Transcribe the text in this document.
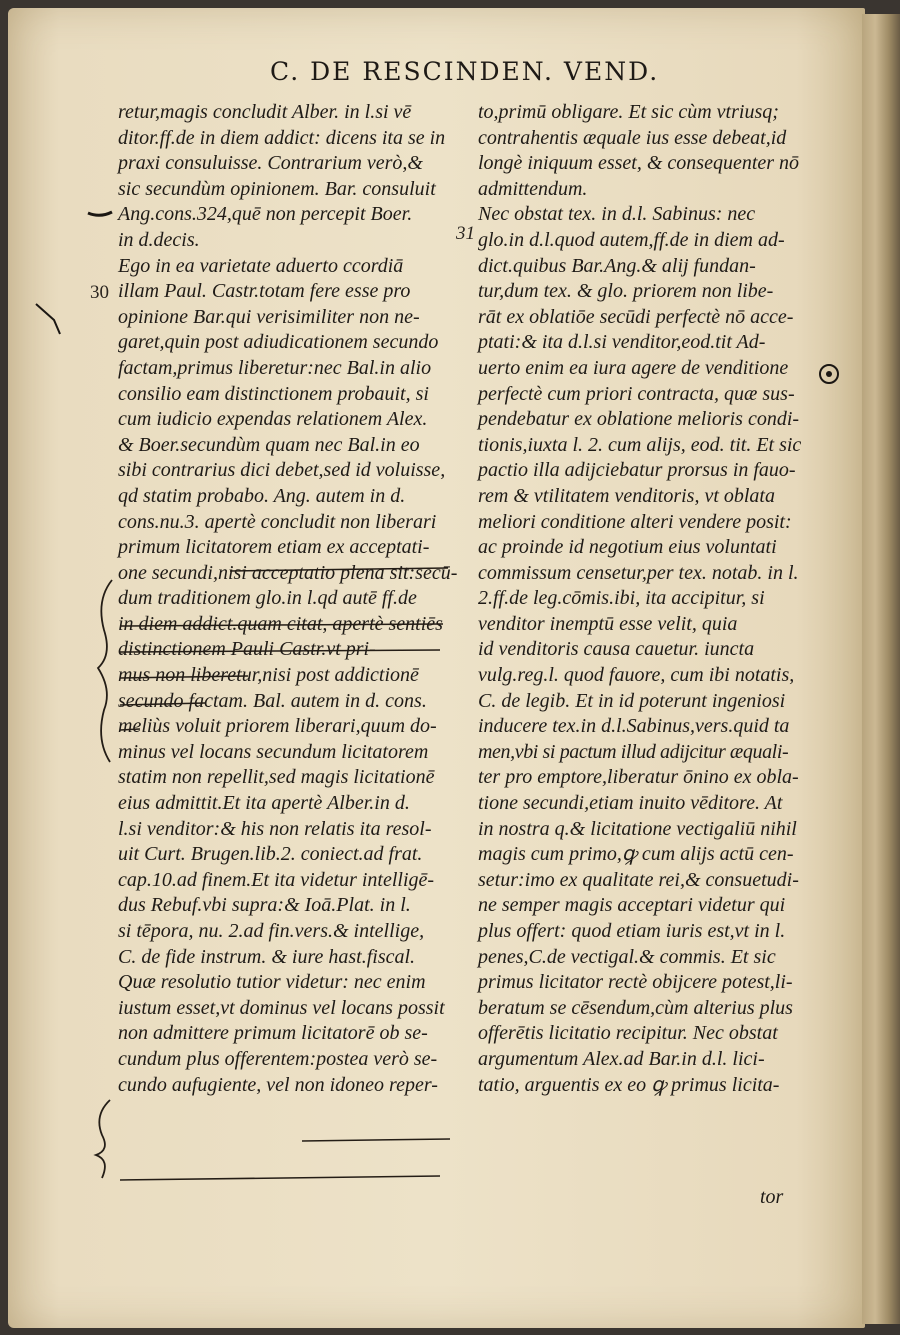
C. DE RESCINDEN. VEND.
30
31
retur,magis concludit Alber. in l.si vē
ditor.ff.de in diem addict: dicens ita se in
praxi consuluisse. Contrarium verò,&
sic secundùm opinionem. Bar. consuluit
Ang.cons.324,quē non percepit Boer.
in d.decis.
Ego in ea varietate aduerto ccordiā
illam Paul. Castr.totam fere esse pro
opinione Bar.qui verisimiliter non ne-
garet,quin post adiudicationem secundo
factam,primus liberetur:nec Bal.in alio
consilio eam distinctionem probauit, si
cum iudicio expendas relationem Alex.
& Boer.secundùm quam nec Bal.in eo
sibi contrarius dici debet,sed id voluisse,
qd statim probabo. Ang. autem in d.
cons.nu.3. apertè concludit non liberari
primum licitatorem etiam ex acceptati-
one secundi,nisi acceptatio plena sit:secū-
dum traditionem glo.in l.qd autē ff.de
in diem addict.quam citat, apertè sentiēs
distinctionem Pauli Castr.vt pri-
mus non liberetur,nisi post addictionē
secundo factam. Bal. autem in d. cons.
meliùs voluit priorem liberari,quum do-
minus vel locans secundum licitatorem
statim non repellit,sed magis licitationē
eius admittit.Et ita apertè Alber.in d.
l.si venditor:& his non relatis ita resol-
uit Curt. Brugen.lib.2. coniect.ad frat.
cap.10.ad finem.Et ita videtur intelligē-
dus Rebuf.vbi supra:& Ioā.Plat. in l.
si tēpora, nu. 2.ad fin.vers.& intellige,
C. de fide instrum. & iure hast.fiscal.
Quæ resolutio tutior videtur: nec enim
iustum esset,vt dominus vel locans possit
non admittere primum licitatorē ob se-
cundum plus offerentem:postea verò se-
cundo aufugiente, vel non idoneo reper-
to,primū obligare. Et sic cùm vtriusq;
contrahentis æquale ius esse debeat,id
longè iniquum esset, & consequenter nō
admittendum.
Nec obstat tex. in d.l. Sabinus: nec
glo.in d.l.quod autem,ff.de in diem ad-
dict.quibus Bar.Ang.& alij fundan-
tur,dum tex. & glo. priorem non libe-
rāt ex oblatiōe secūdi perfectè nō acce-
ptati:& ita d.l.si venditor,eod.tit Ad-
uerto enim ea iura agere de venditione
perfectè cum priori contracta, quæ sus-
pendebatur ex oblatione melioris condi-
tionis,iuxta l. 2. cum alijs, eod. tit. Et sic
pactio illa adijciebatur prorsus in fauo-
rem & vtilitatem venditoris, vt oblata
meliori conditione alteri vendere posit:
ac proinde id negotium eius voluntati
commissum censetur,per tex. notab. in l.
2.ff.de leg.cōmis.ibi, ita accipitur, si
venditor inemptū esse velit, quia
id venditoris causa cauetur. iuncta
vulg.reg.l. quod fauore, cum ibi notatis,
C. de legib. Et in id poterunt ingeniosi
inducere tex.in d.l.Sabinus,vers.quid ta
men,vbi si pactum illud adijcitur æquali-
ter pro emptore,liberatur ōnino ex obla-
tione secundi,etiam inuito vēditore. At
in nostra q.& licitatione vectigaliū nihil
magis cum primo,ꝙ cum alijs actū cen-
setur:imo ex qualitate rei,& consuetudi-
ne semper magis acceptari videtur qui
plus offert: quod etiam iuris est,vt in l.
penes,C.de vectigal.& commis. Et sic
primus licitator rectè obijcere potest,li-
beratum se cēsendum,cùm alterius plus
offerētis licitatio recipitur. Nec obstat
argumentum Alex.ad Bar.in d.l. lici-
tatio, arguentis ex eo ꝙ primus licita-
tor
